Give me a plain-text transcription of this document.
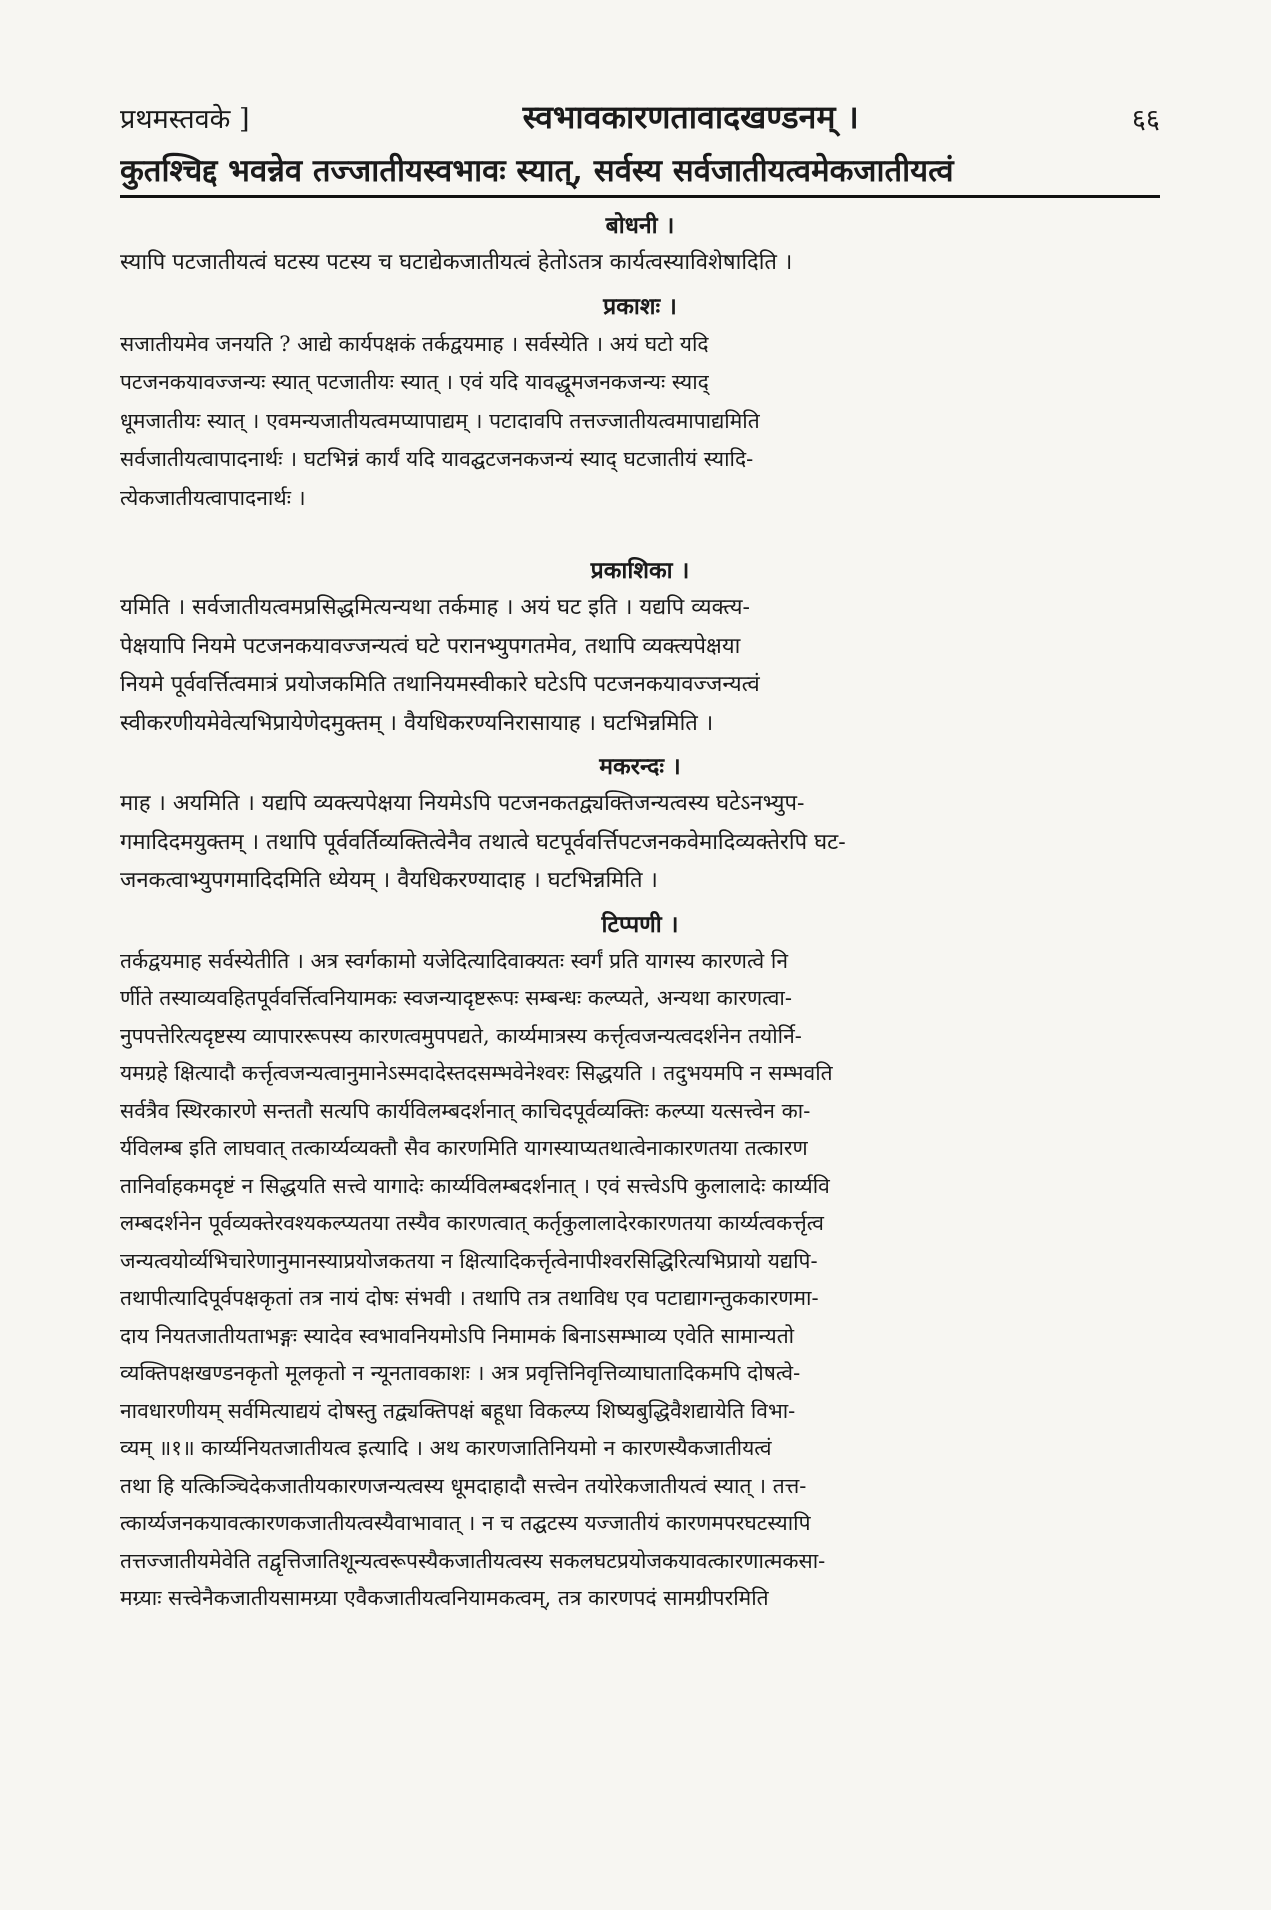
प्रथमस्तवके ]	स्वभावकारणतावादखण्डनम् ।	६६
कुतश्चिद्द भवन्नेव तज्जातीयस्वभावः स्यात्, सर्वस्य सर्वजातीयत्वमेकजातीयत्वं
बोधनी ।
स्यापि पटजातीयत्वं घटस्य पटस्य च घटाद्येकजातीयत्वं हेतोऽतत्र कार्यत्वस्याविशेषादिति ।
प्रकाशः ।
सजातीयमेव जनयति ? आद्ये कार्यपक्षकं तर्कद्वयमाह । सर्वस्येति । अयं घटो यदि
पटजनकयावज्जन्यः स्यात् पटजातीयः स्यात् । एवं यदि यावद्धूमजनकजन्यः स्याद्
धूमजातीयः स्यात् । एवमन्यजातीयत्वमप्यापाद्यम् । पटादावपि तत्तज्जातीयत्वमापाद्यमिति
सर्वजातीयत्वापादनार्थः । घटभिन्नं कार्यं यदि यावद्घटजनकजन्यं स्याद् घटजातीयं स्यादि-
त्येकजातीयत्वापादनार्थः ।
प्रकाशिका ।
यमिति । सर्वजातीयत्वमप्रसिद्धमित्यन्यथा तर्कमाह । अयं घट इति । यद्यपि व्यक्त्य-
पेक्षयापि नियमे पटजनकयावज्जन्यत्वं घटे परानभ्युपगतमेव, तथापि व्यक्त्यपेक्षया
नियमे पूर्ववर्त्तित्वमात्रं प्रयोजकमिति तथानियमस्वीकारे घटेऽपि पटजनकयावज्जन्यत्वं
स्वीकरणीयमेवेत्यभिप्रायेणेदमुक्तम् । वैयधिकरण्यनिरासायाह । घटभिन्नमिति ।
मकरन्दः ।
माह । अयमिति । यद्यपि व्यक्त्यपेक्षया नियमेऽपि पटजनकतद्व्यक्तिजन्यत्वस्य घटेऽनभ्युप-
गमादिदमयुक्तम् । तथापि पूर्ववर्तिव्यक्तित्वेनैव तथात्वे घटपूर्ववर्त्तिपटजनकवेमादिव्यक्तेरपि घट-
जनकत्वाभ्युपगमादिदमिति ध्येयम् । वैयधिकरण्यादाह । घटभिन्नमिति ।
टिप्पणी ।
तर्कद्वयमाह सर्वस्येतीति । अत्र स्वर्गकामो यजेदित्यादिवाक्यतः स्वर्गं प्रति यागस्य कारणत्वे नि
र्णीते तस्याव्यवहितपूर्ववर्त्तित्वनियामकः स्वजन्यादृष्टरूपः सम्बन्धः कल्प्यते, अन्यथा कारणत्वा-
नुपपत्तेरित्यदृष्टस्य व्यापाररूपस्य कारणत्वमुपपद्यते, कार्य्यमात्रस्य कर्त्तृत्वजन्यत्वदर्शनेन तयोर्नि-
यमग्रहे क्षित्यादौ कर्त्तृत्वजन्यत्वानुमानेऽस्मदादेस्तदसम्भवेनेश्वरः सिद्धयति । तदुभयमपि न सम्भवति
सर्वत्रैव स्थिरकारणे सन्ततौ सत्यपि कार्यविलम्बदर्शनात् काचिदपूर्वव्यक्तिः कल्प्या यत्सत्त्वेन का-
र्यविलम्ब इति लाघवात् तत्कार्य्यव्यक्तौ सैव कारणमिति यागस्याप्यतथात्वेनाकारणतया तत्कारण
तानिर्वाहकमदृष्टं न सिद्धयति सत्त्वे यागादेः कार्य्यविलम्बदर्शनात् । एवं सत्त्वेऽपि कुलालादेः कार्य्यवि
लम्बदर्शनेन पूर्वव्यक्तेरवश्यकल्प्यतया तस्यैव कारणत्वात् कर्तृकुलालादेरकारणतया कार्य्यत्वकर्त्तृत्व
जन्यत्वयोर्व्यभिचारेणानुमानस्याप्रयोजकतया न क्षित्यादिकर्त्तृत्वेनापीश्वरसिद्धिरित्यभिप्रायो यद्यपि-
तथापीत्यादिपूर्वपक्षकृतां तत्र नायं दोषः संभवी । तथापि तत्र तथाविध एव पटाद्यागन्तुककारणमा-
दाय नियतजातीयताभङ्गः स्यादेव स्वभावनियमोऽपि निमामकं बिनाऽसम्भाव्य एवेति सामान्यतो
व्यक्तिपक्षखण्डनकृतो मूलकृतो न न्यूनतावकाशः । अत्र प्रवृत्तिनिवृत्तिव्याघातादिकमपि दोषत्वे-
नावधारणीयम् सर्वमित्याद्ययं दोषस्तु तद्व्यक्तिपक्षं बहूधा विकल्प्य शिष्यबुद्धिवैशद्यायेति विभा-
व्यम् ॥१॥ कार्य्यनियतजातीयत्व इत्यादि । अथ कारणजातिनियमो न कारणस्यैकजातीयत्वं
तथा हि यत्किञ्चिदेकजातीयकारणजन्यत्वस्य धूमदाहादौ सत्त्वेन तयोरेकजातीयत्वं स्यात् । तत्त-
त्कार्य्यजनकयावत्कारणकजातीयत्वस्यैवाभावात् । न च तद्घटस्य यज्जातीयं कारणमपरघटस्यापि
तत्तज्जातीयमेवेति तद्वृत्तिजातिशून्यत्वरूपस्यैकजातीयत्वस्य सकलघटप्रयोजकयावत्कारणात्मकसा-
मग्र्याः सत्त्वेनैकजातीयसामग्र्या एवैकजातीयत्वनियामकत्वम्, तत्र कारणपदं सामग्रीपरमिति
